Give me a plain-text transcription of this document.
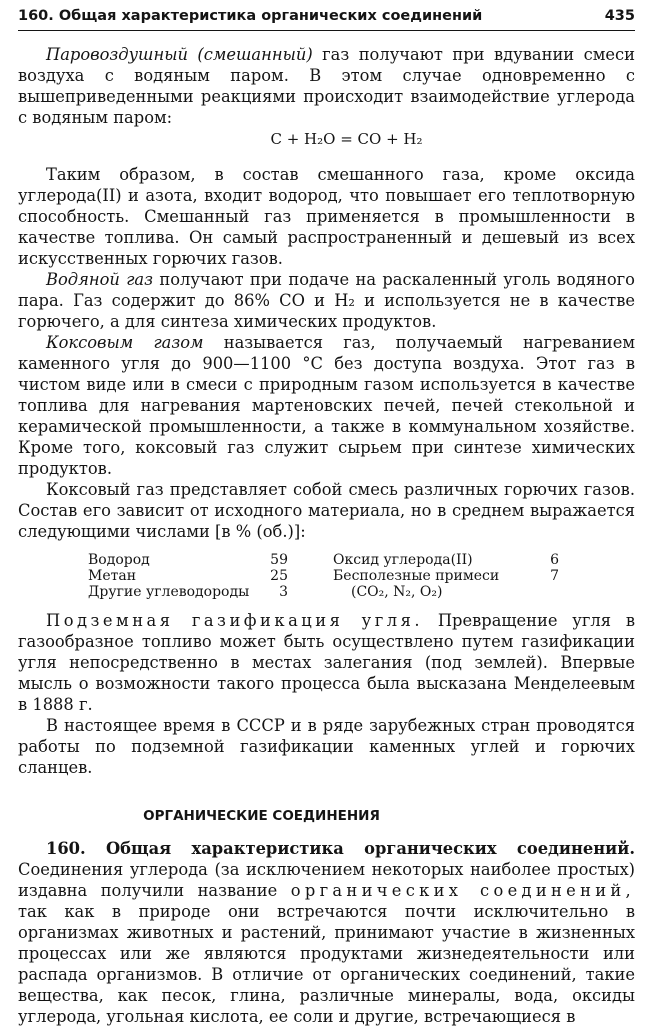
160. Общая характеристика органических соединений	435

Паровоздушный (смешанный) газ получают при вдувании смеси воздуха с водяным паром. В этом случае одновременно с вышеприведенными реакциями происходит взаимодействие углерода с водяным паром:

C + H₂O = CO + H₂

Таким образом, в состав смешанного газа, кроме оксида углерода(II) и азота, входит водород, что повышает его теплотворную способность. Смешанный газ применяется в промышленности в качестве топлива. Он самый распространенный и дешевый из всех искусственных горючих газов.

Водяной газ получают при подаче на раскаленный уголь водяного пара. Газ содержит до 86% CO и H₂ и используется не в качестве горючего, а для синтеза химических продуктов.

Коксовым газом называется газ, получаемый нагреванием каменного угля до 900—1100 °C без доступа воздуха. Этот газ в чистом виде или в смеси с природным газом используется в качестве топлива для нагревания мартеновских печей, печей стекольной и керамической промышленности, а также в коммунальном хозяйстве. Кроме того, коксовый газ служит сырьем при синтезе химических продуктов.

Коксовый газ представляет собой смесь различных горючих газов. Состав его зависит от исходного материала, но в среднем выражается следующими числами [в % (об.)]:

Водород	59	Оксид углерода(II)	6
Метан	25	Бесполезные примеси	7
Другие углеводороды	3	(CO₂, N₂, O₂)	

Подземная газификация угля. Превращение угля в газообразное топливо может быть осуществлено путем газификации угля непосредственно в местах залегания (под землей). Впервые мысль о возможности такого процесса была высказана Менделеевым в 1888 г.

В настоящее время в СССР и в ряде зарубежных стран проводятся работы по подземной газификации каменных углей и горючих сланцев.

ОРГАНИЧЕСКИЕ СОЕДИНЕНИЯ

160. Общая характеристика органических соединений. Соединения углерода (за исключением некоторых наиболее простых) издавна получили название органических соединений, так как в природе они встречаются почти исключительно в организмах животных и растений, принимают участие в жизненных процессах или же являются продуктами жизнедеятельности или распада организмов. В отличие от органических соединений, такие вещества, как песок, глина, различные минералы, вода, оксиды углерода, угольная кислота, ее соли и другие, встречающиеся в
